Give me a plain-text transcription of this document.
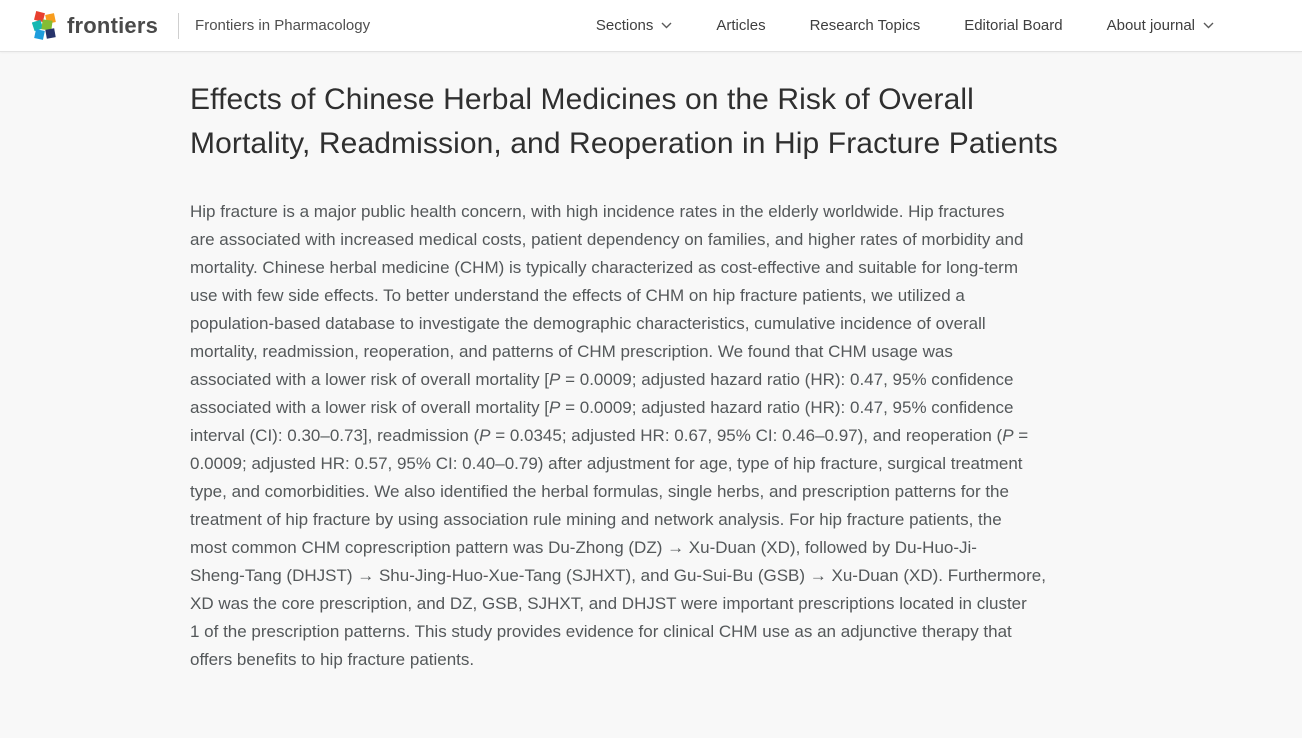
frontiers Frontiers in Pharmacology	Sections	Articles	Research Topics	Editorial Board	About journal
Effects of Chinese Herbal Medicines on the Risk of Overall Mortality, Readmission, and Reoperation in Hip Fracture Patients
Hip fracture is a major public health concern, with high incidence rates in the elderly worldwide. Hip fractures
are associated with increased medical costs, patient dependency on families, and higher rates of morbidity and
mortality. Chinese herbal medicine (CHM) is typically characterized as cost-effective and suitable for long-term
use with few side effects. To better understand the effects of CHM on hip fracture patients, we utilized a
population-based database to investigate the demographic characteristics, cumulative incidence of overall
mortality, readmission, reoperation, and patterns of CHM prescription. We found that CHM usage was
associated with a lower risk of overall mortality [P = 0.0009; adjusted hazard ratio (HR): 0.47, 95% confidence
associated with a lower risk of overall mortality [P = 0.0009; adjusted hazard ratio (HR): 0.47, 95% confidence
interval (CI): 0.30–0.73], readmission (P = 0.0345; adjusted HR: 0.67, 95% CI: 0.46–0.97), and reoperation (P =
0.0009; adjusted HR: 0.57, 95% CI: 0.40–0.79) after adjustment for age, type of hip fracture, surgical treatment
type, and comorbidities. We also identified the herbal formulas, single herbs, and prescription patterns for the
treatment of hip fracture by using association rule mining and network analysis. For hip fracture patients, the
most common CHM coprescription pattern was Du-Zhong (DZ) → Xu-Duan (XD), followed by Du-Huo-Ji-
Sheng-Tang (DHJST) → Shu-Jing-Huo-Xue-Tang (SJHXT), and Gu-Sui-Bu (GSB) → Xu-Duan (XD). Furthermore,
XD was the core prescription, and DZ, GSB, SJHXT, and DHJST were important prescriptions located in cluster
1 of the prescription patterns. This study provides evidence for clinical CHM use as an adjunctive therapy that
offers benefits to hip fracture patients.
